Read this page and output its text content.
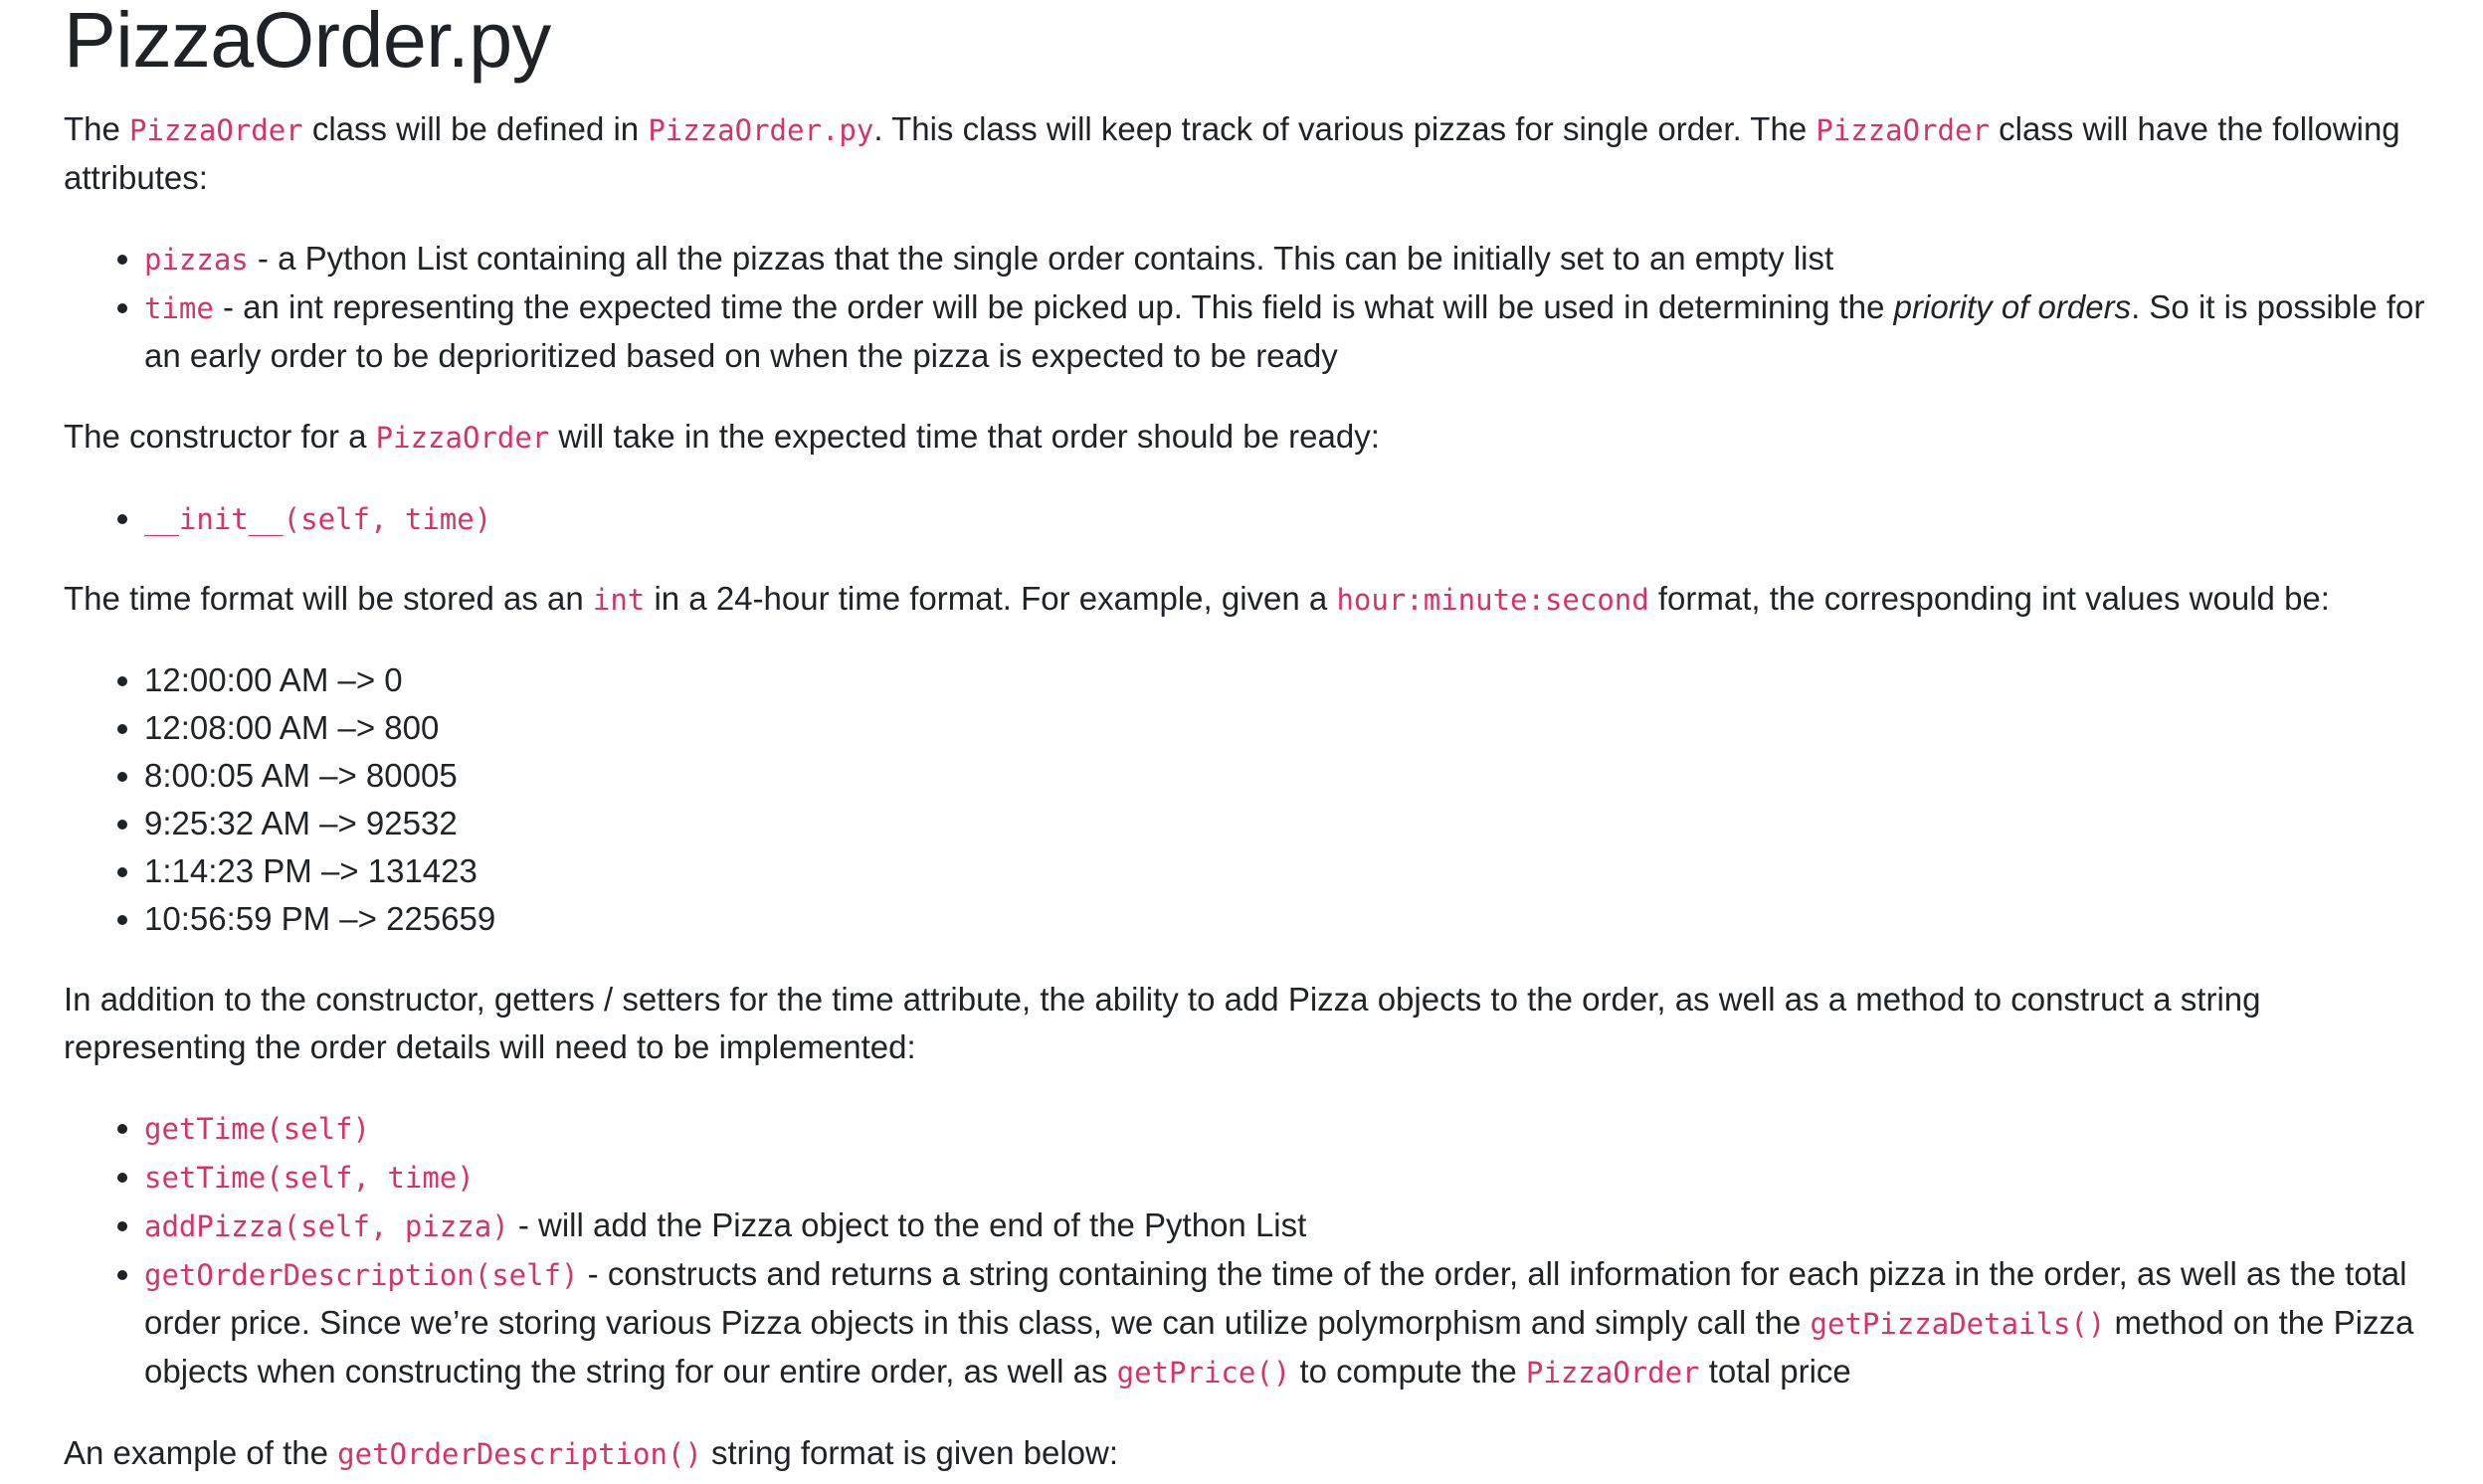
PizzaOrder.py

The PizzaOrder class will be defined in PizzaOrder.py. This class will keep track of various pizzas for single order. The PizzaOrder class will have the following attributes:

• pizzas - a Python List containing all the pizzas that the single order contains. This can be initially set to an empty list
• time - an int representing the expected time the order will be picked up. This field is what will be used in determining the priority of orders. So it is possible for an early order to be deprioritized based on when the pizza is expected to be ready

The constructor for a PizzaOrder will take in the expected time that order should be ready:

• __init__(self, time)

The time format will be stored as an int in a 24-hour time format. For example, given a hour:minute:second format, the corresponding int values would be:

• 12:00:00 AM –> 0
• 12:08:00 AM –> 800
• 8:00:05 AM –> 80005
• 9:25:32 AM –> 92532
• 1:14:23 PM –> 131423
• 10:56:59 PM –> 225659

In addition to the constructor, getters / setters for the time attribute, the ability to add Pizza objects to the order, as well as a method to construct a string representing the order details will need to be implemented:

• getTime(self)
• setTime(self, time)
• addPizza(self, pizza) - will add the Pizza object to the end of the Python List
• getOrderDescription(self) - constructs and returns a string containing the time of the order, all information for each pizza in the order, as well as the total order price. Since we’re storing various Pizza objects in this class, we can utilize polymorphism and simply call the getPizzaDetails() method on the Pizza objects when constructing the string for our entire order, as well as getPrice() to compute the PizzaOrder total price

An example of the getOrderDescription() string format is given below:
